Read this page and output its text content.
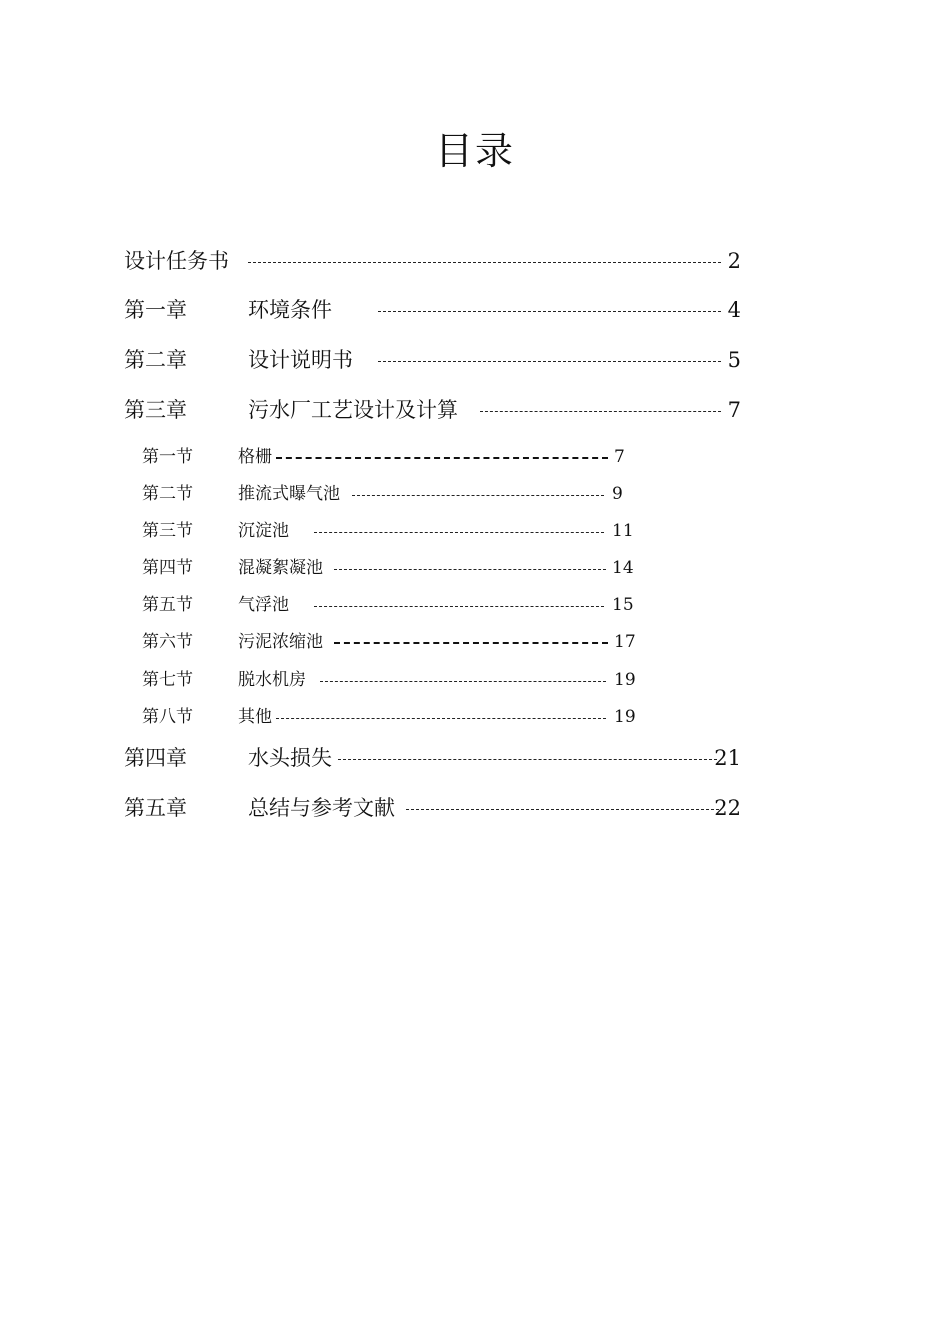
目录
设计任务书	2
第一章	环境条件	4
第二章	设计说明书	5
第三章	污水厂工艺设计及计算	7
第一节	格栅	7
第二节	推流式曝气池	9
第三节	沉淀池	11
第四节	混凝絮凝池	14
第五节	气浮池	15
第六节	污泥浓缩池	17
第七节	脱水机房	19
第八节	其他	19
第四章	水头损失	21
第五章	总结与参考文献	22
